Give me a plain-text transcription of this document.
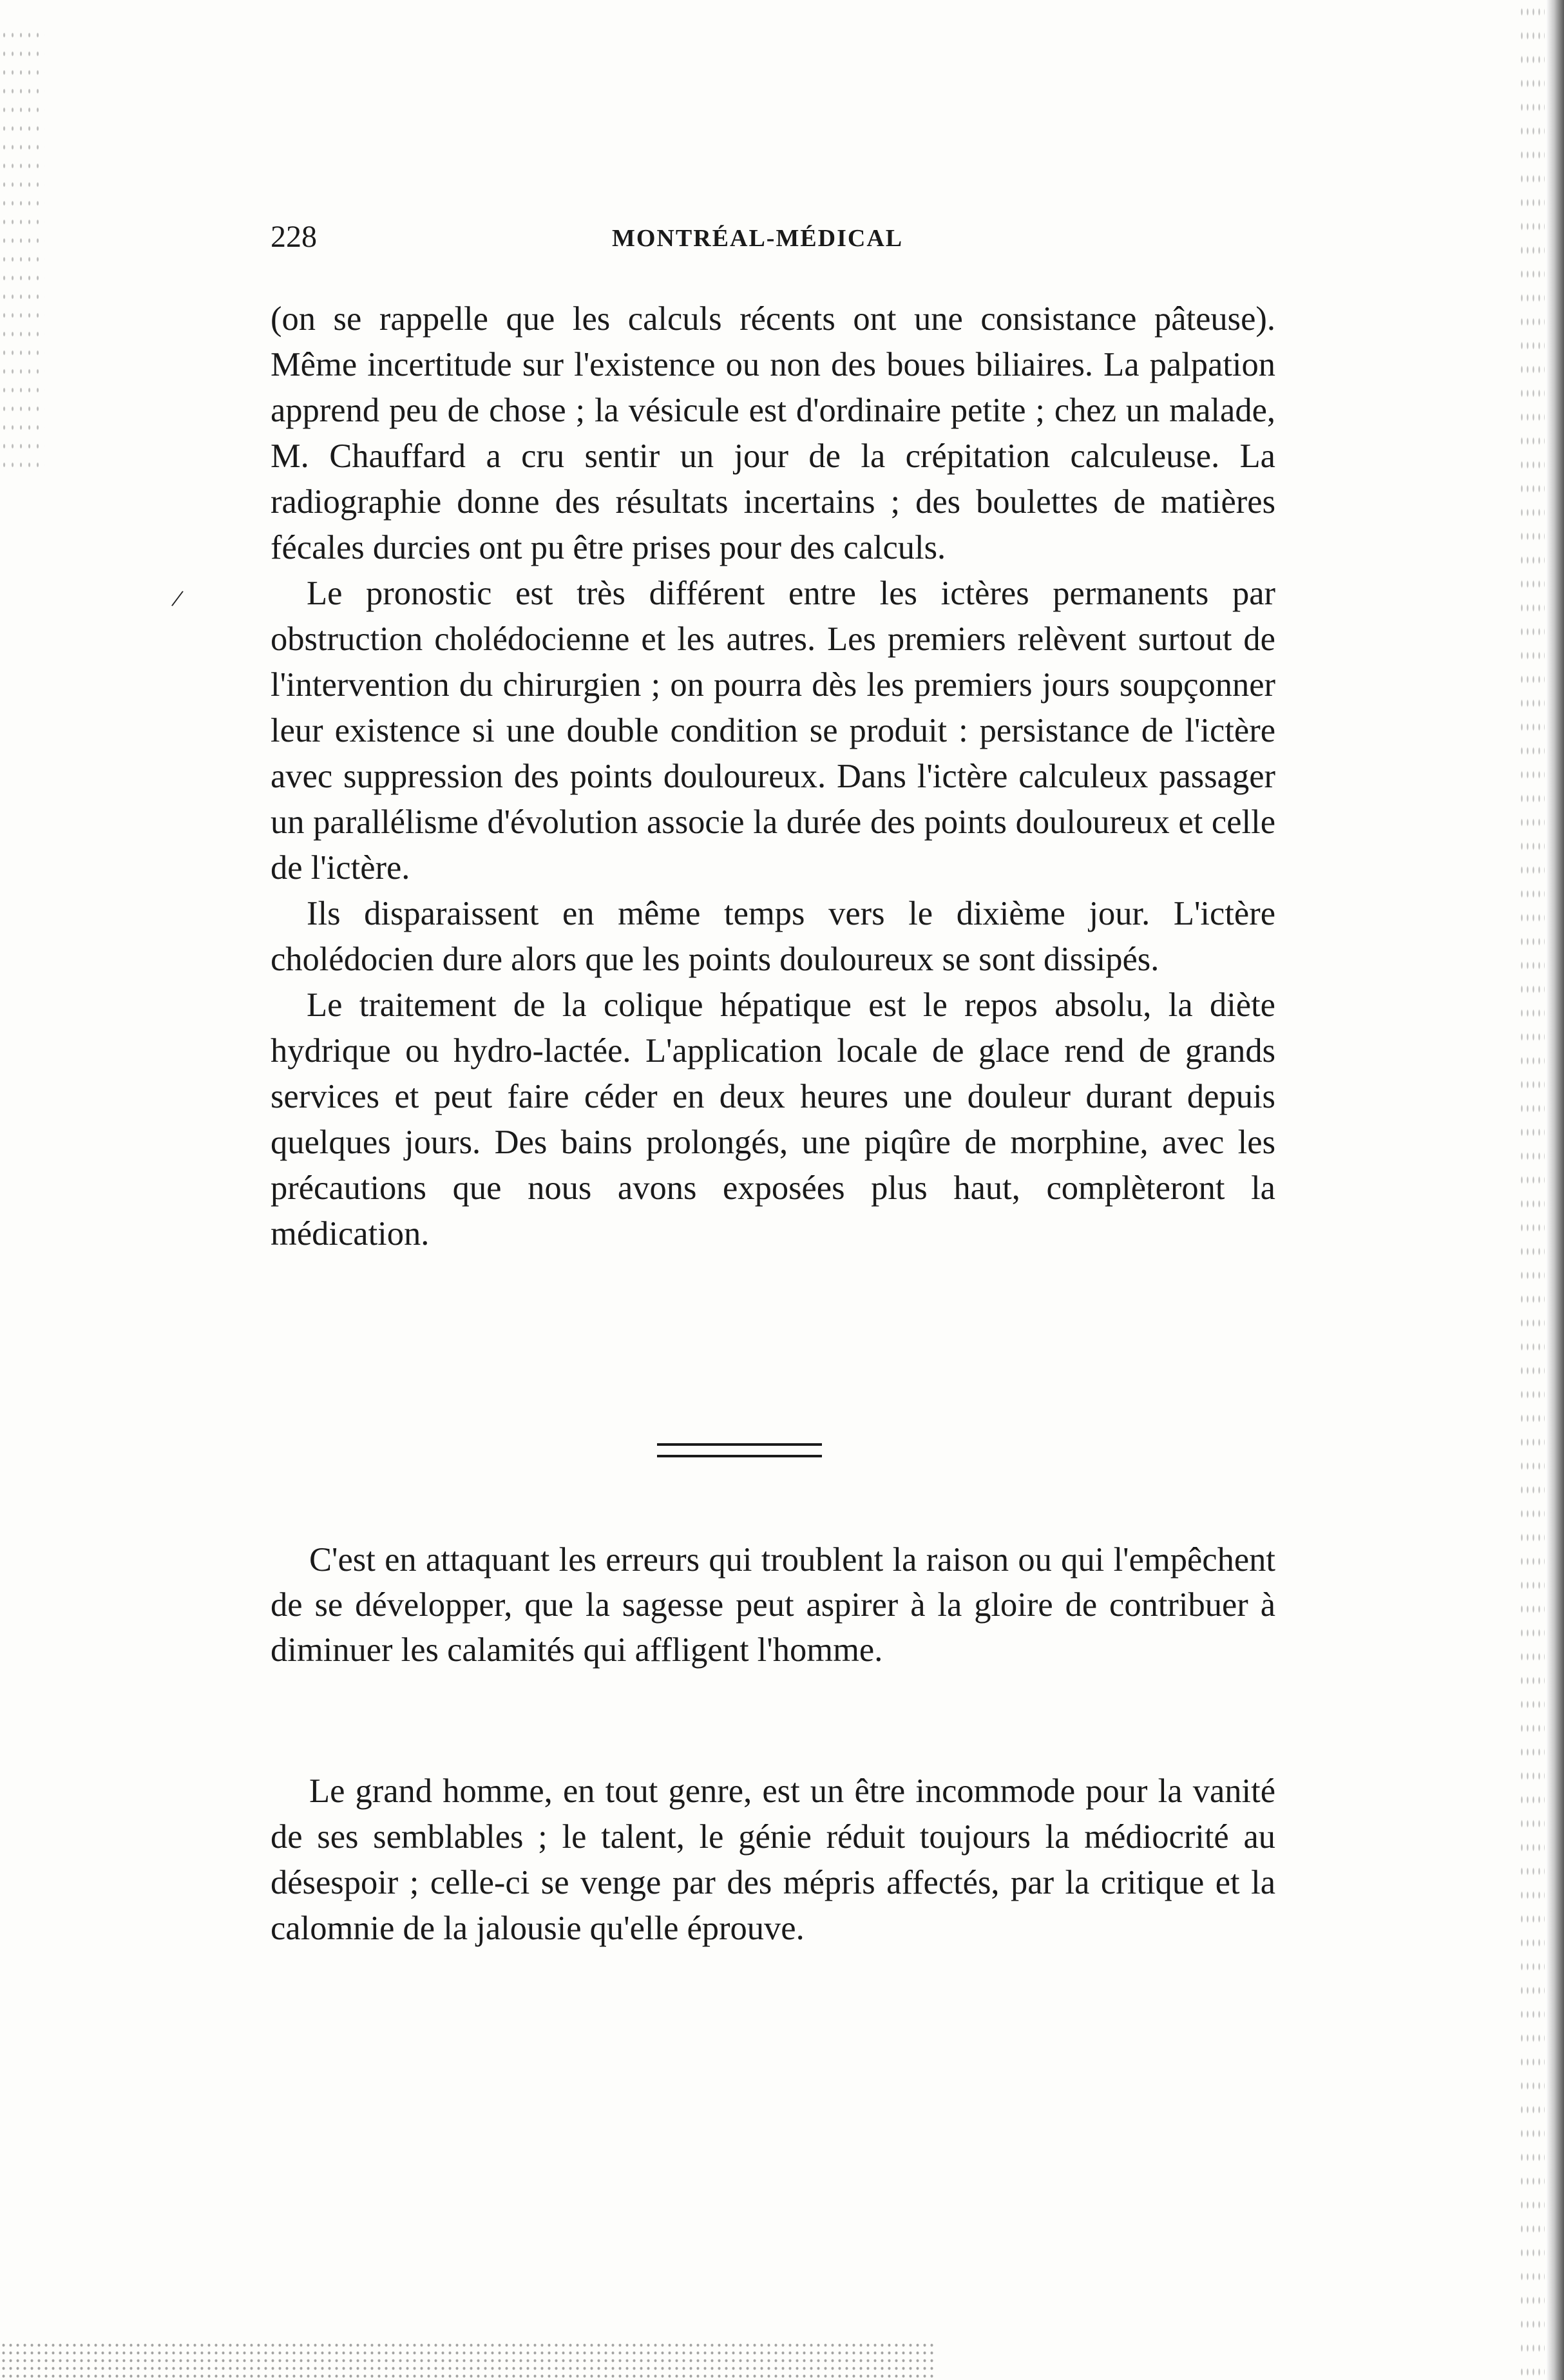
/
228	MONTRÉAL-MÉDICAL

(on se rappelle que les calculs récents ont une consistance pâteuse). Même incertitude sur l'existence ou non des boues biliaires. La palpation apprend peu de chose ; la vésicule est d'ordinaire petite ; chez un malade, M. Chauffard a cru sentir un jour de la crépitation calculeuse. La radiographie donne des résultats incertains ; des boulettes de matières fécales durcies ont pu être prises pour des calculs.

Le pronostic est très différent entre les ictères permanents par obstruction cholédocienne et les autres. Les premiers relèvent surtout de l'intervention du chirurgien ; on pourra dès les premiers jours soupçonner leur existence si une double condition se produit : persistance de l'ictère avec suppression des points douloureux. Dans l'ictère calculeux passager un parallélisme d'évolution associe la durée des points douloureux et celle de l'ictère.

Ils disparaissent en même temps vers le dixième jour. L'ictère cholédocien dure alors que les points douloureux se sont dissipés.

Le traitement de la colique hépatique est le repos absolu, la diète hydrique ou hydro-lactée. L'application locale de glace rend de grands services et peut faire céder en deux heures une douleur durant depuis quelques jours. Des bains prolongés, une piqûre de morphine, avec les précautions que nous avons exposées plus haut, complèteront la médication.

C'est en attaquant les erreurs qui troublent la raison ou qui l'empêchent de se développer, que la sagesse peut aspirer à la gloire de contribuer à diminuer les calamités qui affligent l'homme.

Le grand homme, en tout genre, est un être incommode pour la vanité de ses semblables ; le talent, le génie réduit toujours la médiocrité au désespoir ; celle-ci se venge par des mépris affectés, par la critique et la calomnie de la jalousie qu'elle éprouve.
